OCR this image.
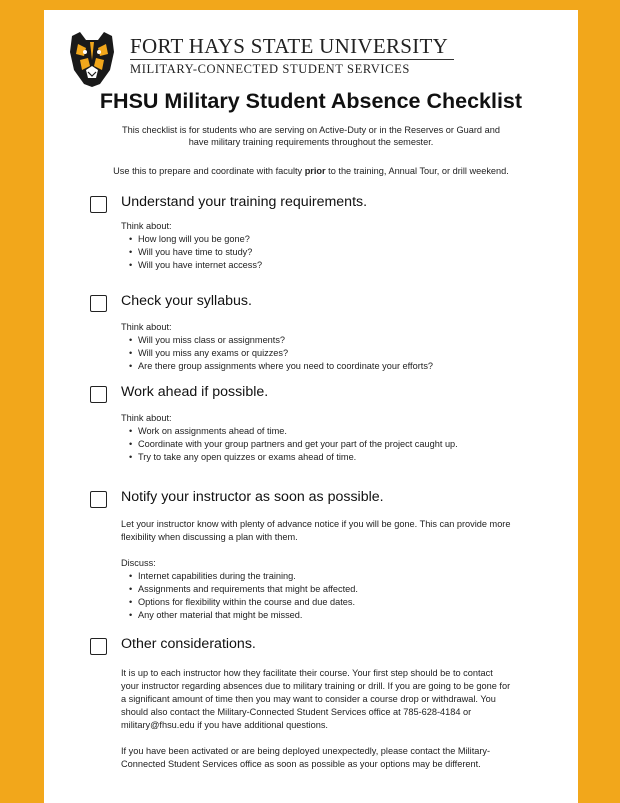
FORT HAYS STATE UNIVERSITY
MILITARY-CONNECTED STUDENT SERVICES
FHSU Military Student Absence Checklist
This checklist is for students who are serving on Active-Duty or in the Reserves or Guard and
have military training requirements throughout the semester.
Use this to prepare and coordinate with faculty prior to the training, Annual Tour, or drill weekend.
Understand your training requirements.
Think about:
• How long will you be gone?
• Will you have time to study?
• Will you have internet access?
Check your syllabus.
Think about:
• Will you miss class or assignments?
• Will you miss any exams or quizzes?
• Are there group assignments where you need to coordinate your efforts?
Work ahead if possible.
Think about:
• Work on assignments ahead of time.
• Coordinate with your group partners and get your part of the project caught up.
• Try to take any open quizzes or exams ahead of time.
Notify your instructor as soon as possible.
Let your instructor know with plenty of advance notice if you will be gone. This can provide more
flexibility when discussing a plan with them.
Discuss:
• Internet capabilities during the training.
• Assignments and requirements that might be affected.
• Options for flexibility within the course and due dates.
• Any other material that might be missed.
Other considerations.
It is up to each instructor how they facilitate their course. Your first step should be to contact
your instructor regarding absences due to military training or drill. If you are going to be gone for
a significant amount of time then you may want to consider a course drop or withdrawal. You
should also contact the Military-Connected Student Services office at 785-628-4184 or
military@fhsu.edu if you have additional questions.
If you have been activated or are being deployed unexpectedly, please contact the Military-
Connected Student Services office as soon as possible as your options may be different.
